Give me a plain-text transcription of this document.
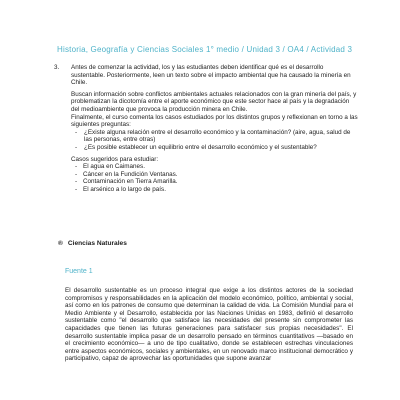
Historia, Geografía y Ciencias Sociales 1° medio / Unidad 3 / OA4 / Actividad 3
3. Antes de comenzar la actividad, los y las estudiantes deben identificar qué es el desarrollo sustentable. Posteriormente, leen un texto sobre el impacto ambiental que ha causado la minería en Chile.

Buscan información sobre conflictos ambientales actuales relacionados con la gran minería del país, y problematizan la dicotomía entre el aporte económico que este sector hace al país y la degradación del medioambiente que provoca la producción minera en Chile.

Finalmente, el curso comenta los casos estudiados por los distintos grupos y reflexionan en torno a las siguientes preguntas:

- ¿Existe alguna relación entre el desarrollo económico y la contaminación? (aire, agua, salud de las personas, entre otras)
- ¿Es posible establecer un equilibrio entre el desarrollo económico y el sustentable?

Casos sugeridos para estudiar:

- El agua en Caimanes.
- Cáncer en la Fundición Ventanas.
- Contaminación en Tierra Amarilla.
- El arsénico a lo largo de país.
® Ciencias Naturales
Fuente 1

El desarrollo sustentable es un proceso integral que exige a los distintos actores de la sociedad compromisos y responsabilidades en la aplicación del modelo económico, político, ambiental y social, así como en los patrones de consumo que determinan la calidad de vida. La Comisión Mundial para el Medio Ambiente y el Desarrollo, establecida por las Naciones Unidas en 1983, definió el desarrollo sustentable como "el desarrollo que satisface las necesidades del presente sin comprometer las capacidades que tienen las futuras generaciones para satisfacer sus propias necesidades". El desarrollo sustentable implica pasar de un desarrollo pensado en términos cuantitativos —basado en el crecimiento económico— a uno de tipo cualitativo, donde se establecen estrechas vinculaciones entre aspectos económicos, sociales y ambientales, en un renovado marco institucional democrático y participativo, capaz de aprovechar las oportunidades que supone avanzar
